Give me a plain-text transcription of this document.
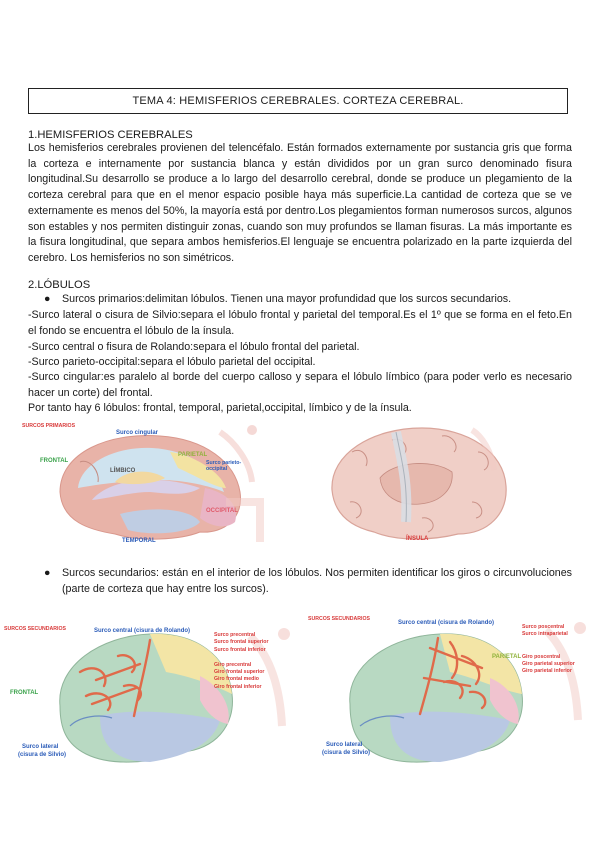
TEMA 4: HEMISFERIOS CEREBRALES. CORTEZA CEREBRAL.
1.HEMISFERIOS CEREBRALES
Los hemisferios cerebrales provienen del telencéfalo. Están formados externamente por sustancia gris que forma la corteza e internamente por sustancia blanca y están divididos por un gran surco denominado fisura longitudinal.Su desarrollo se produce a lo largo del desarrollo cerebral, donde se produce un plegamiento de la corteza cerebral para que en el menor espacio posible haya más superficie.La cantidad de corteza que se ve externamente es menos del 50%, la mayoría está por dentro.Los plegamientos forman numerosos surcos, algunos son estables y nos permiten distinguir zonas, cuando son muy profundos se llaman fisuras. La más importante es la fisura longitudinal, que separa ambos hemisferios.El lenguaje se encuentra polarizado en la parte izquierda del cerebro. Los hemisferios no son simétricos.
2.LÓBULOS
● Surcos primarios:delimitan lóbulos. Tienen una mayor profundidad que los surcos secundarios.
-Surco lateral o cisura de Silvio:separa el lóbulo frontal y parietal del temporal.Es el 1º que se forma en el feto.En el fondo se encuentra el lóbulo de la ínsula.
-Surco central o fisura de Rolando:separa el lóbulo frontal del parietal.
-Surco parieto-occipital:separa el lóbulo parietal del occipital.
-Surco cingular:es paralelo al borde del cuerpo calloso y separa el lóbulo límbico (para poder verlo es necesario hacer un corte) del frontal.
Por tanto hay 6 lóbulos: frontal, temporal, parietal,occipital, límbico y de la ínsula.
SURCOS PRIMARIOS
Surco cingular
FRONTAL
LÍMBICO
PARIETAL
Surco parieto-occipital
OCCIPITAL
TEMPORAL	ÍNSULA
● Surcos secundarios: están en el interior de los lóbulos. Nos permiten identificar los giros o circunvoluciones (parte de corteza que hay entre los surcos).
SURCOS SECUNDARIOS	Surco central (cisura de Rolando)
FRONTAL
Surco lateral
(cisura de Silvio)
Surco precentral
Surco frontal superior
Surco frontal inferior

Giro precentral
Giro frontal superior
Giro frontal medio
Giro frontal inferior
SURCOS SECUNDARIOS
Surco central (cisura de Rolando)
PARIETAL
Surco lateral
(cisura de Silvio)
Surco poscentral
Surco intraparietal

Giro poscentral
Giro parietal superior
Giro parietal inferior
